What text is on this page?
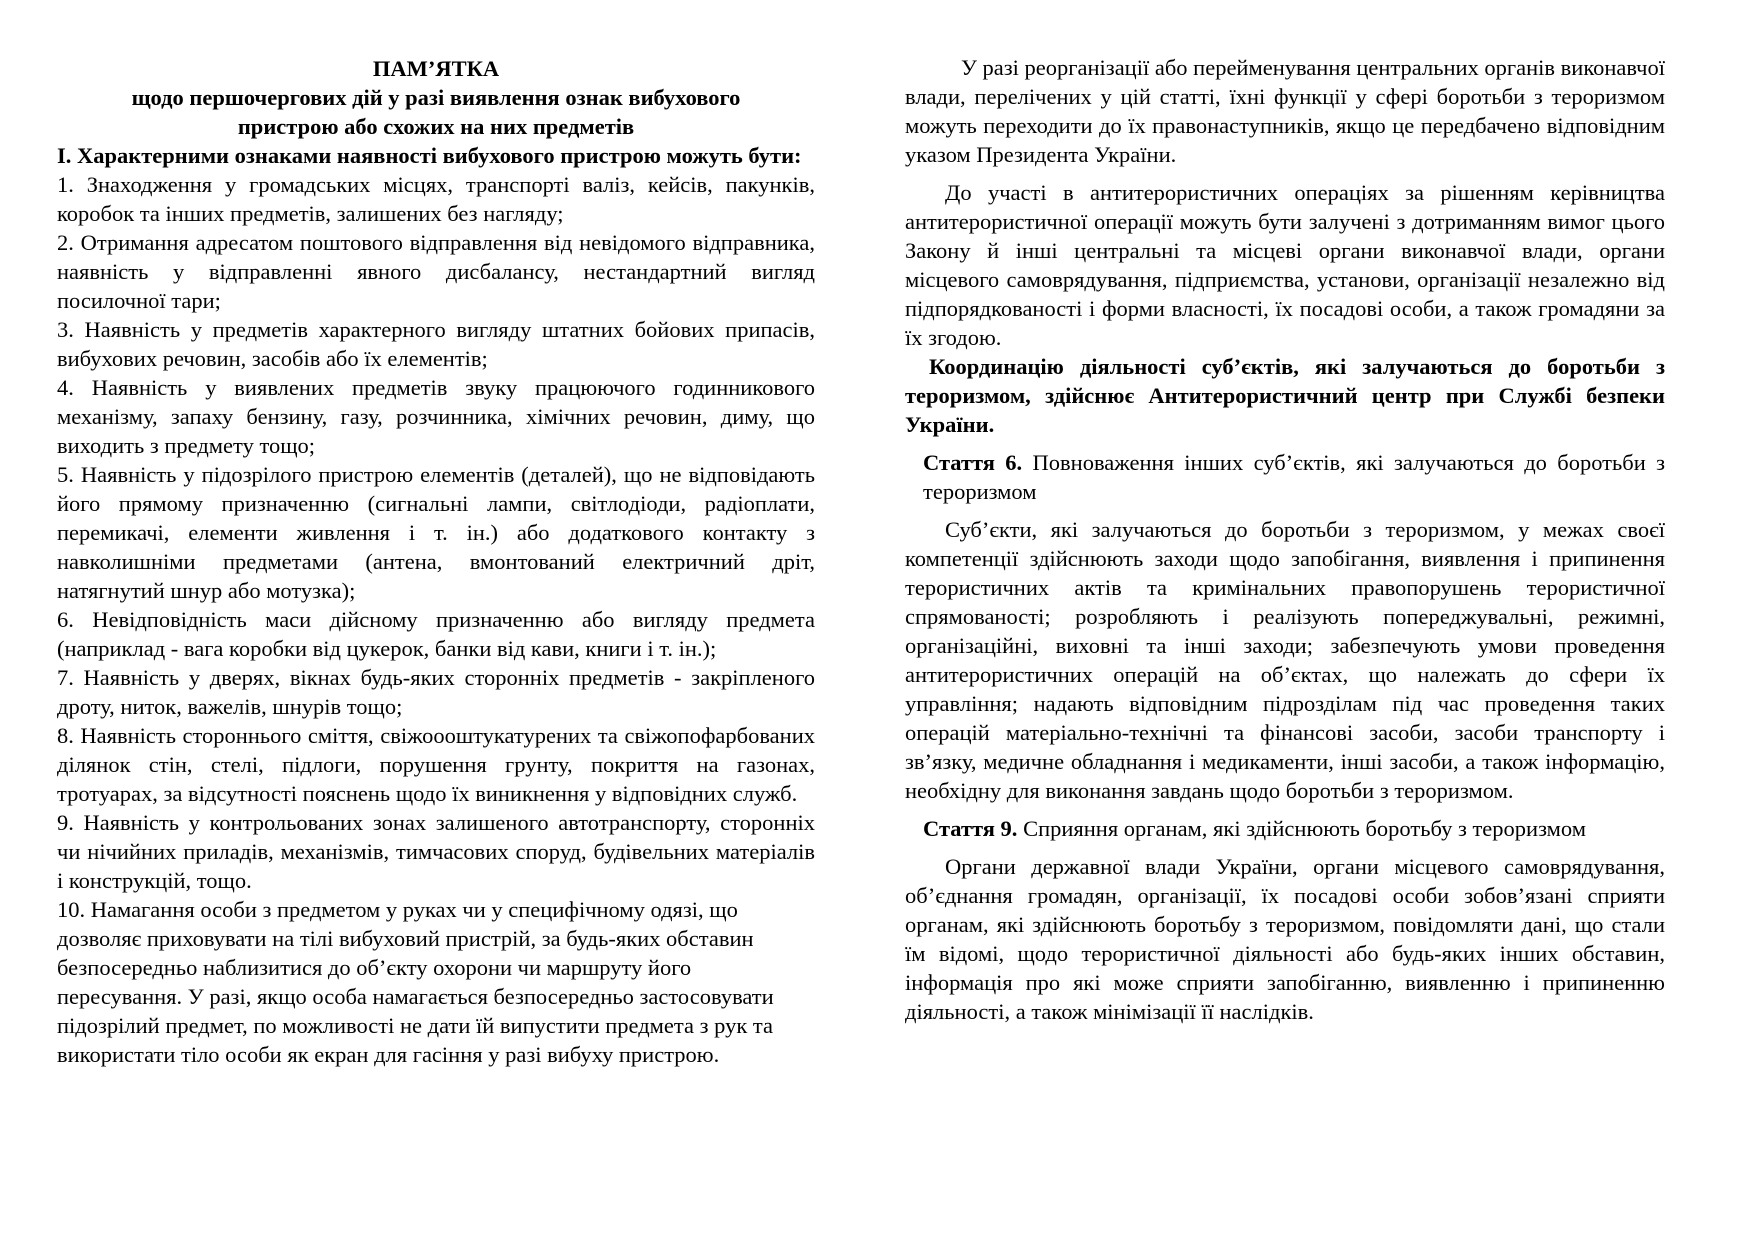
ПАМ’ЯТКА

щодо першочергових дій у разі виявлення ознак вибухового

пристрою або схожих на них предметів

І. Характерними ознаками наявності вибухового пристрою можуть бути:

1. Знаходження у громадських місцях, транспорті валіз, кейсів, пакунків, коробок та інших предметів, залишених без нагляду;

2. Отримання адресатом поштового відправлення від невідомого відправника, наявність у відправленні явного дисбалансу, нестандартний вигляд посилочної тари;

3. Наявність у предметів характерного вигляду штатних бойових припасів, вибухових речовин, засобів або їх елементів;

4. Наявність у виявлених предметів звуку працюючого годинникового механізму, запаху бензину, газу, розчинника, хімічних речовин, диму, що виходить з предмету тощо;

5. Наявність у підозрілого пристрою елементів (деталей), що не відповідають його прямому призначенню (сигнальні лампи, світлодіоди, радіоплати, перемикачі, елементи живлення і т. ін.) або додаткового контакту з навколишніми предметами (антена, вмонтований електричний дріт, натягнутий шнур або мотузка);

6. Невідповідність маси дійсному призначенню або вигляду предмета (наприклад - вага коробки від цукерок, банки від кави, книги і т. ін.);

7. Наявність у дверях, вікнах будь-яких сторонніх предметів - закріпленого дроту, ниток, важелів, шнурів тощо;

8. Наявність стороннього сміття, свіжоооштукатурених та свіжопофарбованих ділянок стін, стелі, підлоги, порушення грунту, покриття на газонах, тротуарах, за відсутності пояснень щодо їх виникнення у відповідних служб.

9. Наявність у контрольованих зонах залишеного автотранспорту, сторонніх чи нічийних приладів, механізмів, тимчасових споруд, будівельних матеріалів і конструкцій, тощо.

10. Намагання особи з предметом у руках чи у специфічному одязі, що дозволяє приховувати на тілі вибуховий пристрій, за будь-яких обставин безпосередньо наблизитися до об’єкту охорони чи маршруту його пересування. У разі, якщо особа намагається безпосередньо застосовувати підозрілий предмет, по можливості не дати їй випустити предмета з рук та використати тіло особи як екран для гасіння у разі вибуху пристрою.

У разі реорганізації або перейменування центральних органів виконавчої влади, перелічених у цій статті, їхні функції у сфері боротьби з тероризмом можуть переходити до їх правонаступників, якщо це передбачено відповідним указом Президента України.

До участі в антитерористичних операціях за рішенням керівництва антитерористичної операції можуть бути залучені з дотриманням вимог цього Закону й інші центральні та місцеві органи виконавчої влади, органи місцевого самоврядування, підприємства, установи, організації незалежно від підпорядкованості і форми власності, їх посадові особи, а також громадяни за їх згодою.

Координацію діяльності суб’єктів, які залучаються до боротьби з тероризмом, здійснює Антитерористичний центр при Службі безпеки України.

Стаття 6. Повноваження інших суб’єктів, які залучаються до боротьби з тероризмом

Суб’єкти, які залучаються до боротьби з тероризмом, у межах своєї компетенції здійснюють заходи щодо запобігання, виявлення і припинення терористичних актів та кримінальних правопорушень терористичної спрямованості; розробляють і реалізують попереджувальні, режимні, організаційні, виховні та інші заходи; забезпечують умови проведення антитерористичних операцій на об’єктах, що належать до сфери їх управління; надають відповідним підрозділам під час проведення таких операцій матеріально-технічні та фінансові засоби, засоби транспорту і зв’язку, медичне обладнання і медикаменти, інші засоби, а також інформацію, необхідну для виконання завдань щодо боротьби з тероризмом.

Стаття 9. Сприяння органам, які здійснюють боротьбу з тероризмом

Органи державної влади України, органи місцевого самоврядування, об’єднання громадян, організації, їх посадові особи зобов’язані сприяти органам, які здійснюють боротьбу з тероризмом, повідомляти дані, що стали їм відомі, щодо терористичної діяльності або будь-яких інших обставин, інформація про які може сприяти запобіганню, виявленню і припиненню діяльності, а також мінімізації її наслідків.
